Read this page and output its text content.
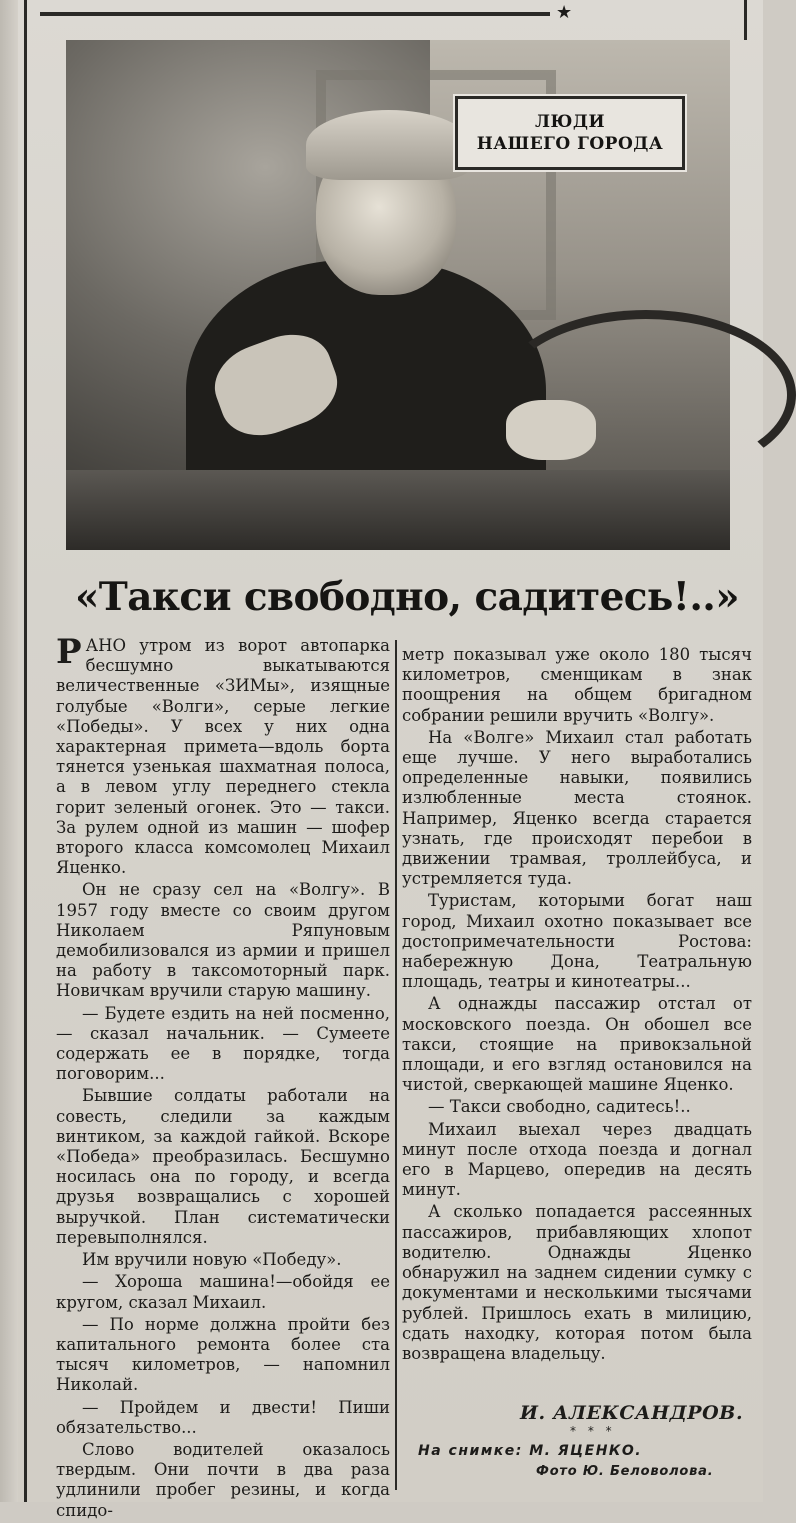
★
ЛЮДИ
НАШЕГО ГОРОДА
«Такси свободно, садитесь!..»

РАНО утром из ворот автопарка бесшумно выкатываются величественные «ЗИМы», изящные голубые «Волги», серые легкие «Победы». У всех у них одна характерная примета—вдоль борта тянется узенькая шахматная полоса, а в левом углу переднего стекла горит зеленый огонек. Это — такси. За рулем одной из машин — шофер второго класса комсомолец Михаил Яценко.

Он не сразу сел на «Волгу». В 1957 году вместе со своим другом Николаем Ряпуновым демобилизовался из армии и пришел на работу в таксомоторный парк. Новичкам вручили старую машину.

— Будете ездить на ней посменно, — сказал начальник. — Сумеете содержать ее в порядке, тогда поговорим...

Бывшие солдаты работали на совесть, следили за каждым винтиком, за каждой гайкой. Вскоре «Победа» преобразилась. Бесшумно носилась она по городу, и всегда друзья возвращались с хорошей выручкой. План систематически перевыполнялся.

Им вручили новую «Победу».

— Хороша машина!—обойдя ее кругом, сказал Михаил.

— По норме должна пройти без капитального ремонта более ста тысяч километров, — напомнил Николай.

— Пройдем и двести! Пиши обязательство...

Слово водителей оказалось твердым. Они почти в два раза удлинили пробег резины, и когда спидо-

метр показывал уже около 180 тысяч километров, сменщикам в знак поощрения на общем бригадном собрании решили вручить «Волгу».

На «Волге» Михаил стал работать еще лучше. У него выработались определенные навыки, появились излюбленные места стоянок. Например, Яценко всегда старается узнать, где происходят перебои в движении трамвая, троллейбуса, и устремляется туда.

Туристам, которыми богат наш город, Михаил охотно показывает все достопримечательности Ростова: набережную Дона, Театральную площадь, театры и кинотеатры...

А однажды пассажир отстал от московского поезда. Он обошел все такси, стоящие на привокзальной площади, и его взгляд остановился на чистой, сверкающей машине Яценко.

— Такси свободно, садитесь!..

Михаил выехал через двадцать минут после отхода поезда и догнал его в Марцево, опередив на десять минут.

А сколько попадается рассеянных пассажиров, прибавляющих хлопот водителю. Однажды Яценко обнаружил на заднем сидении сумку с документами и несколькими тысячами рублей. Пришлось ехать в милицию, сдать находку, которая потом была возвращена владельцу.

И. АЛЕКСАНДРОВ.
* * *
На снимке: М. ЯЦЕНКО.
Фото Ю. Беловолова.
